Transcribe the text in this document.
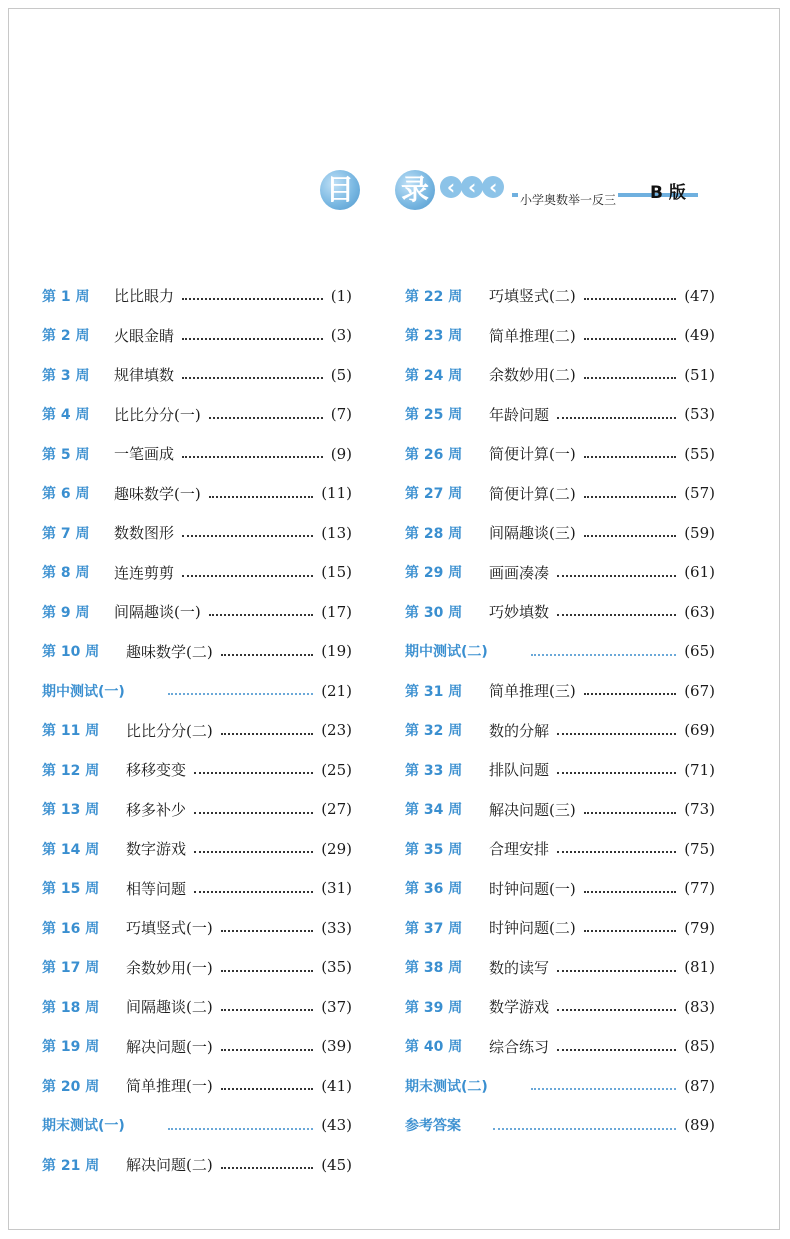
目 录 ‹ ‹ ‹
小学奥数举一反三 B 版
第 1 周	比比眼力	(1)
第 2 周	火眼金睛	(3)
第 3 周	规律填数	(5)
第 4 周	比比分分(一)	(7)
第 5 周	一笔画成	(9)
第 6 周	趣味数学(一)	(11)
第 7 周	数数图形	(13)
第 8 周	连连剪剪	(15)
第 9 周	间隔趣谈(一)	(17)
第 10 周	趣味数学(二)	(19)
期中测试(一)	(21)
第 11 周	比比分分(二)	(23)
第 12 周	移移变变	(25)
第 13 周	移多补少	(27)
第 14 周	数字游戏	(29)
第 15 周	相等问题	(31)
第 16 周	巧填竖式(一)	(33)
第 17 周	余数妙用(一)	(35)
第 18 周	间隔趣谈(二)	(37)
第 19 周	解决问题(一)	(39)
第 20 周	简单推理(一)	(41)
期末测试(一)	(43)
第 21 周	解决问题(二)	(45)
第 22 周	巧填竖式(二)	(47)
第 23 周	简单推理(二)	(49)
第 24 周	余数妙用(二)	(51)
第 25 周	年龄问题	(53)
第 26 周	简便计算(一)	(55)
第 27 周	简便计算(二)	(57)
第 28 周	间隔趣谈(三)	(59)
第 29 周	画画凑凑	(61)
第 30 周	巧妙填数	(63)
期中测试(二)	(65)
第 31 周	简单推理(三)	(67)
第 32 周	数的分解	(69)
第 33 周	排队问题	(71)
第 34 周	解决问题(三)	(73)
第 35 周	合理安排	(75)
第 36 周	时钟问题(一)	(77)
第 37 周	时钟问题(二)	(79)
第 38 周	数的读写	(81)
第 39 周	数学游戏	(83)
第 40 周	综合练习	(85)
期末测试(二)	(87)
参考答案	(89)
